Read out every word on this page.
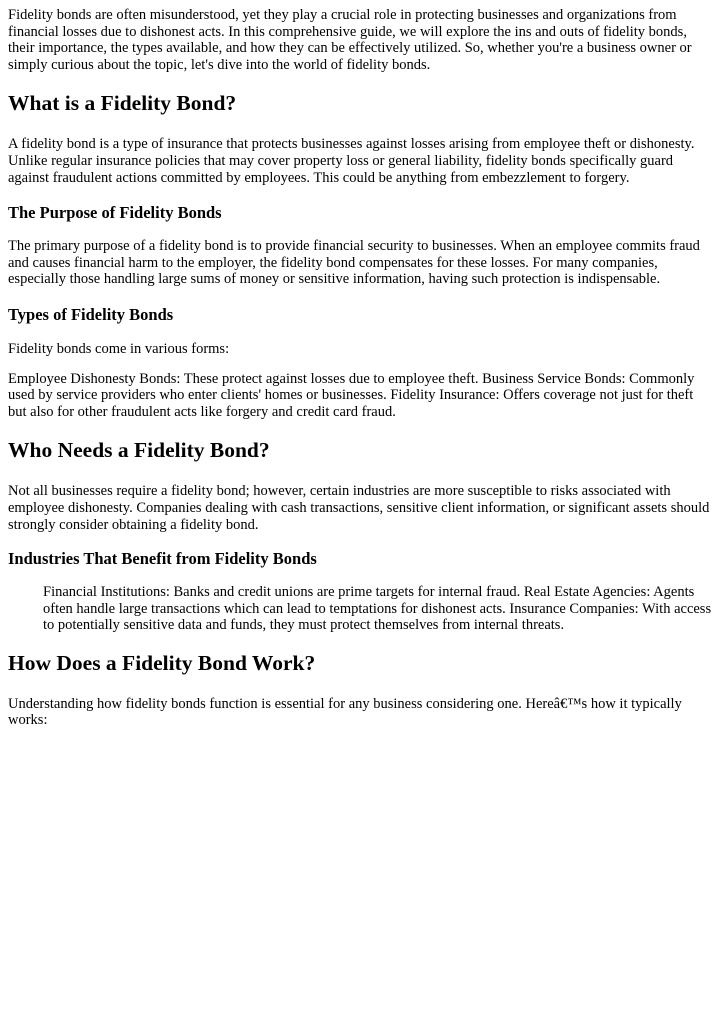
Fidelity bonds are often misunderstood, yet they play a crucial role in protecting businesses and organizations from financial losses due to dishonest acts. In this comprehensive guide, we will explore the ins and outs of fidelity bonds, their importance, the types available, and how they can be effectively utilized. So, whether you're a business owner or simply curious about the topic, let's dive into the world of fidelity bonds.

What is a Fidelity Bond?

A fidelity bond is a type of insurance that protects businesses against losses arising from employee theft or dishonesty. Unlike regular insurance policies that may cover property loss or general liability, fidelity bonds specifically guard against fraudulent actions committed by employees. This could be anything from embezzlement to forgery.

The Purpose of Fidelity Bonds

The primary purpose of a fidelity bond is to provide financial security to businesses. When an employee commits fraud and causes financial harm to the employer, the fidelity bond compensates for these losses. For many companies, especially those handling large sums of money or sensitive information, having such protection is indispensable.

Types of Fidelity Bonds

Fidelity bonds come in various forms:

Employee Dishonesty Bonds: These protect against losses due to employee theft. Business Service Bonds: Commonly used by service providers who enter clients' homes or businesses. Fidelity Insurance: Offers coverage not just for theft but also for other fraudulent acts like forgery and credit card fraud.

Who Needs a Fidelity Bond?

Not all businesses require a fidelity bond; however, certain industries are more susceptible to risks associated with employee dishonesty. Companies dealing with cash transactions, sensitive client information, or significant assets should strongly consider obtaining a fidelity bond.

Industries That Benefit from Fidelity Bonds

Financial Institutions: Banks and credit unions are prime targets for internal fraud. Real Estate Agencies: Agents often handle large transactions which can lead to temptations for dishonest acts. Insurance Companies: With access to potentially sensitive data and funds, they must protect themselves from internal threats.

How Does a Fidelity Bond Work?

Understanding how fidelity bonds function is essential for any business considering one. Hereâ€™s how it typically works:
